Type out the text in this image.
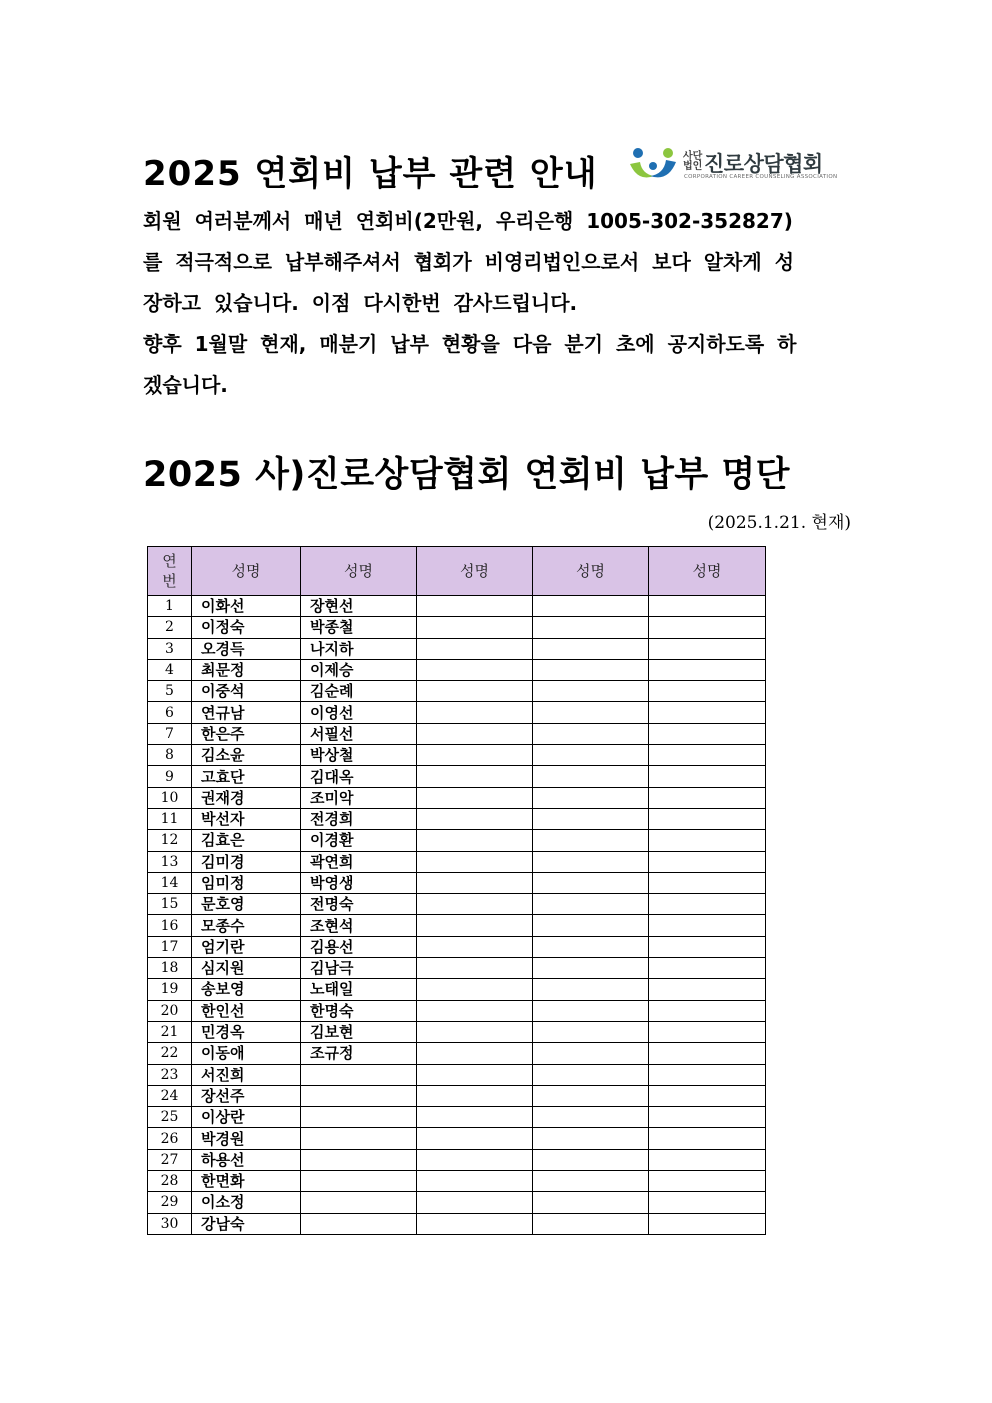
2025 연회비 납부 관련 안내	사단
법인 진로상담협회
CORPORATION CAREER COUNSELING ASSOCIATION
회원 여러분께서 매년 연회비(2만원, 우리은행 1005-302-352827)
를 적극적으로 납부해주셔서 협회가 비영리법인으로서 보다 알차게 성
장하고 있습니다. 이점 다시한번 감사드립니다.
향후 1월말 현재, 매분기 납부 현황을 다음 분기 초에 공지하도록 하
겠습니다.
2025 사)진로상담협회 연회비 납부 명단
(2025.1.21. 현재)
연
번	성명	성명	성명	성명	성명
1	이화선	장현선			
2	이정숙	박종철			
3	오경득	나지하			
4	최문정	이제승			
5	이중석	김순례			
6	연규남	이영선			
7	한은주	서필선			
8	김소윤	박상철			
9	고효단	김대옥			
10	권재경	조미악			
11	박선자	전경희			
12	김효은	이경환			
13	김미경	곽연희			
14	임미정	박영생			
15	문호영	전명숙			
16	모종수	조현석			
17	엄기란	김용선			
18	심지원	김남극			
19	송보영	노태일			
20	한인선	한명숙			
21	민경옥	김보현			
22	이동애	조규정			
23	서진희				
24	장선주				
25	이상란				
26	박경원				
27	하용선				
28	한면화				
29	이소정				
30	강남숙				
